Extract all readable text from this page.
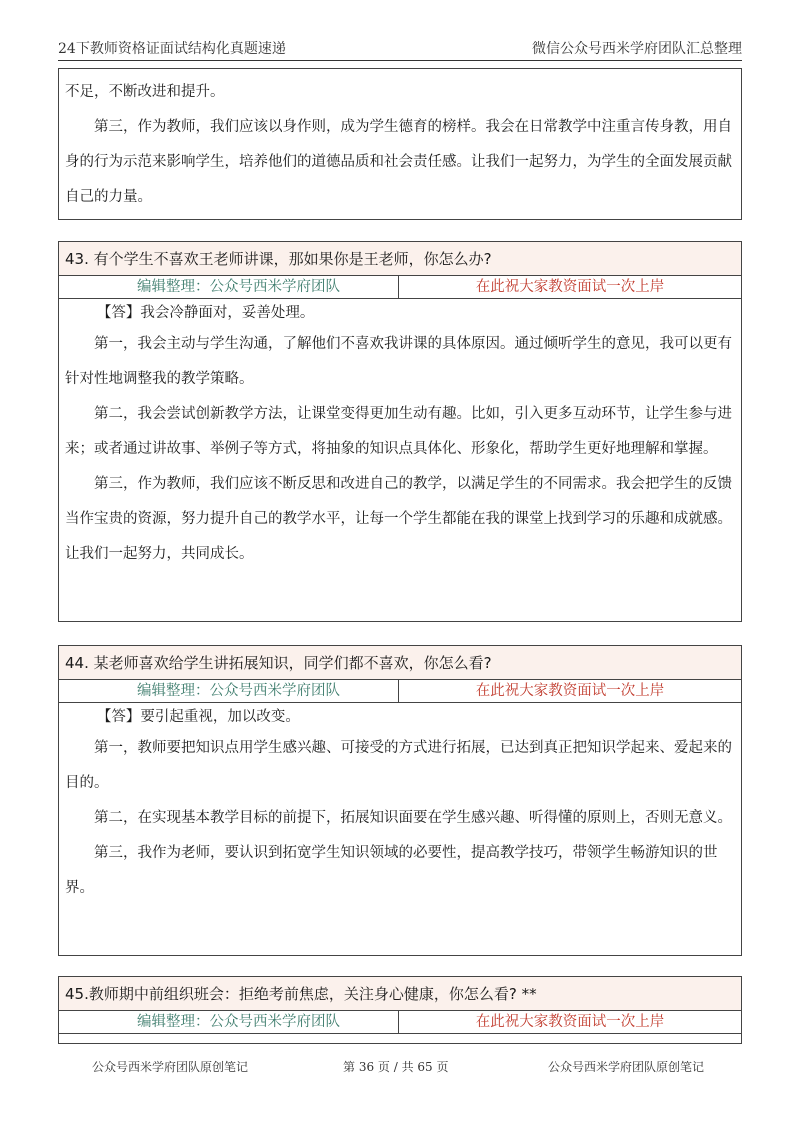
24下教师资格证面试结构化真题速递	微信公众号西米学府团队汇总整理

不足，不断改进和提升。

第三，作为教师，我们应该以身作则，成为学生德育的榜样。我会在日常教学中注重言传身教，用自身的行为示范来影响学生，培养他们的道德品质和社会责任感。让我们一起努力，为学生的全面发展贡献自己的力量。

43. 有个学生不喜欢王老师讲课，那如果你是王老师，你怎么办?
编辑整理：公众号西米学府团队	在此祝大家教资面试一次上岸

【答】我会冷静面对，妥善处理。

第一，我会主动与学生沟通，了解他们不喜欢我讲课的具体原因。通过倾听学生的意见，我可以更有针对性地调整我的教学策略。

第二，我会尝试创新教学方法，让课堂变得更加生动有趣。比如，引入更多互动环节，让学生参与进来；或者通过讲故事、举例子等方式，将抽象的知识点具体化、形象化，帮助学生更好地理解和掌握。

第三，作为教师，我们应该不断反思和改进自己的教学，以满足学生的不同需求。我会把学生的反馈当作宝贵的资源，努力提升自己的教学水平，让每一个学生都能在我的课堂上找到学习的乐趣和成就感。让我们一起努力，共同成长。

44. 某老师喜欢给学生讲拓展知识，同学们都不喜欢，你怎么看?
编辑整理：公众号西米学府团队	在此祝大家教资面试一次上岸

【答】要引起重视，加以改变。

第一，教师要把知识点用学生感兴趣、可接受的方式进行拓展，已达到真正把知识学起来、爱起来的目的。

第二，在实现基本教学目标的前提下，拓展知识面要在学生感兴趣、听得懂的原则上，否则无意义。

第三，我作为老师，要认识到拓宽学生知识领域的必要性，提高教学技巧，带领学生畅游知识的世界。

45.教师期中前组织班会：拒绝考前焦虑，关注身心健康，你怎么看? **
编辑整理：公众号西米学府团队	在此祝大家教资面试一次上岸
公众号西米学府团队原创笔记	第 36 页 / 共 65 页	公众号西米学府团队原创笔记
